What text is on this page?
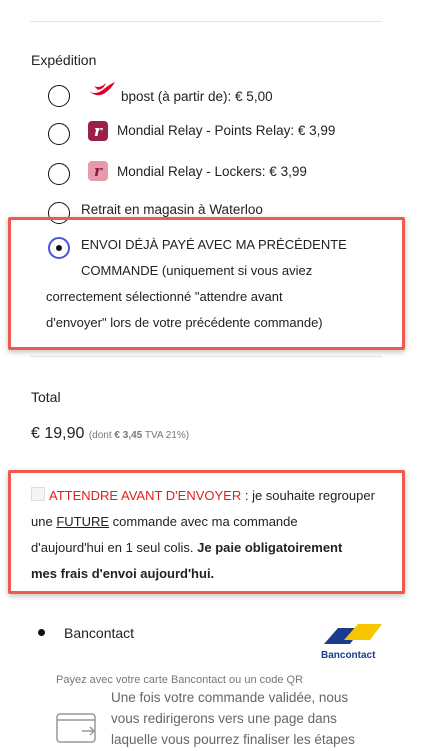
Expédition
bpost (à partir de): € 5,00
r	Mondial Relay - Points Relay: € 3,99
r	Mondial Relay - Lockers: € 3,99
Retrait en magasin à Waterloo
ENVOI DÉJÀ PAYÉ AVEC MA PRÉCÉDENTE
COMMANDE (uniquement si vous aviez
correctement sélectionné "attendre avant
d'envoyer" lors de votre précédente commande)
Total
€ 19,90 (dont € 3,45 TVA 21%)
ATTENDRE AVANT D'ENVOYER : je souhaite regrouper
une FUTURE commande avec ma commande
d'aujourd'hui en 1 seul colis. Je paie obligatoirement
mes frais d'envoi aujourd'hui.
Bancontact
Bancontact
Payez avec votre carte Bancontact ou un code QR
Une fois votre commande validée, nous
vous redirigerons vers une page dans
laquelle vous pourrez finaliser les étapes
